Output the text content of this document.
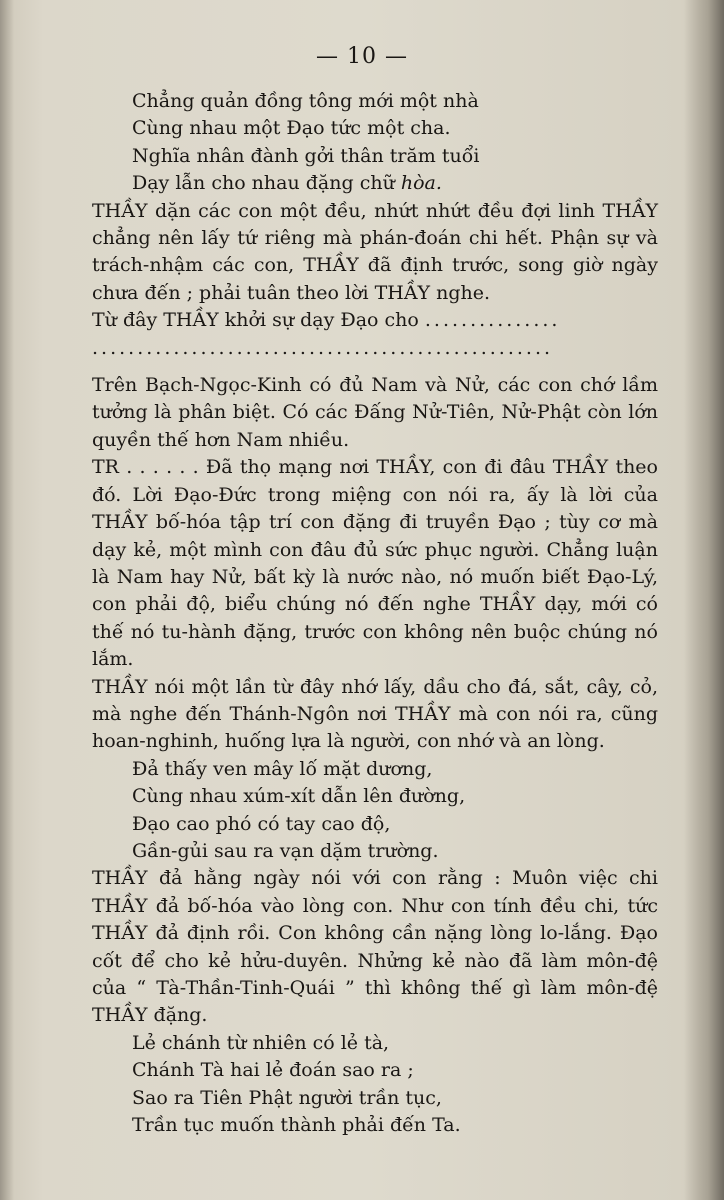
— 10 —
Chẳng quản đồng tông mới một nhà
Cùng nhau một Đạo tức một cha.
Nghĩa nhân đành gởi thân trăm tuổi
Dạy lẫn cho nhau đặng chữ hòa.

THẦY dặn các con một đều, nhứt nhứt đều đợi linh THẦY chẳng nên lấy tứ riêng mà phán-đoán chi hết. Phận sự và trách-nhậm các con, THẦY đã định trước, song giờ ngày chưa đến ; phải tuân theo lời THẦY nghe.

Từ đây THẦY khởi sự dạy Đạo cho ...............
...................................................

Trên Bạch-Ngọc-Kinh có đủ Nam và Nử, các con chớ lầm tưởng là phân biệt. Có các Đấng Nử-Tiên, Nử-Phật còn lớn quyền thế hơn Nam nhiều.

TR . . . . . . Đã thọ mạng nơi THẦY, con đi đâu THẦY theo đó. Lời Đạo-Đức trong miệng con nói ra, ấy là lời của THẦY bố-hóa tập trí con đặng đi truyền Đạo ; tùy cơ mà dạy kẻ, một mình con đâu đủ sức phục người. Chẳng luận là Nam hay Nử, bất kỳ là nước nào, nó muốn biết Đạo-Lý, con phải độ, biểu chúng nó đến nghe THẦY dạy, mới có thế nó tu-hành đặng, trước con không nên buộc chúng nó lắm.

THẦY nói một lần từ đây nhớ lấy, dầu cho đá, sắt, cây, cỏ, mà nghe đến Thánh-Ngôn nơi THẦY mà con nói ra, cũng hoan-nghinh, huống lựa là người, con nhớ và an lòng.

Đả thấy ven mây lố mặt dương,
Cùng nhau xúm-xít dẫn lên đường,
Đạo cao phó có tay cao độ,
Gần-gủi sau ra vạn dặm trường.

THẦY đả hằng ngày nói với con rằng : Muôn việc chi THẦY đả bố-hóa vào lòng con. Như con tính đều chi, tức THẦY đả định rồi. Con không cần nặng lòng lo-lắng. Đạo cốt để cho kẻ hửu-duyên. Nhửng kẻ nào đã làm môn-đệ của “ Tà-Thần-Tinh-Quái ” thì không thế gì làm môn-đệ THẦY đặng.

Lẻ chánh từ nhiên có lẻ tà,
Chánh Tà hai lẻ đoán sao ra ;
Sao ra Tiên Phật người trần tục,
Trần tục muốn thành phải đến Ta.
